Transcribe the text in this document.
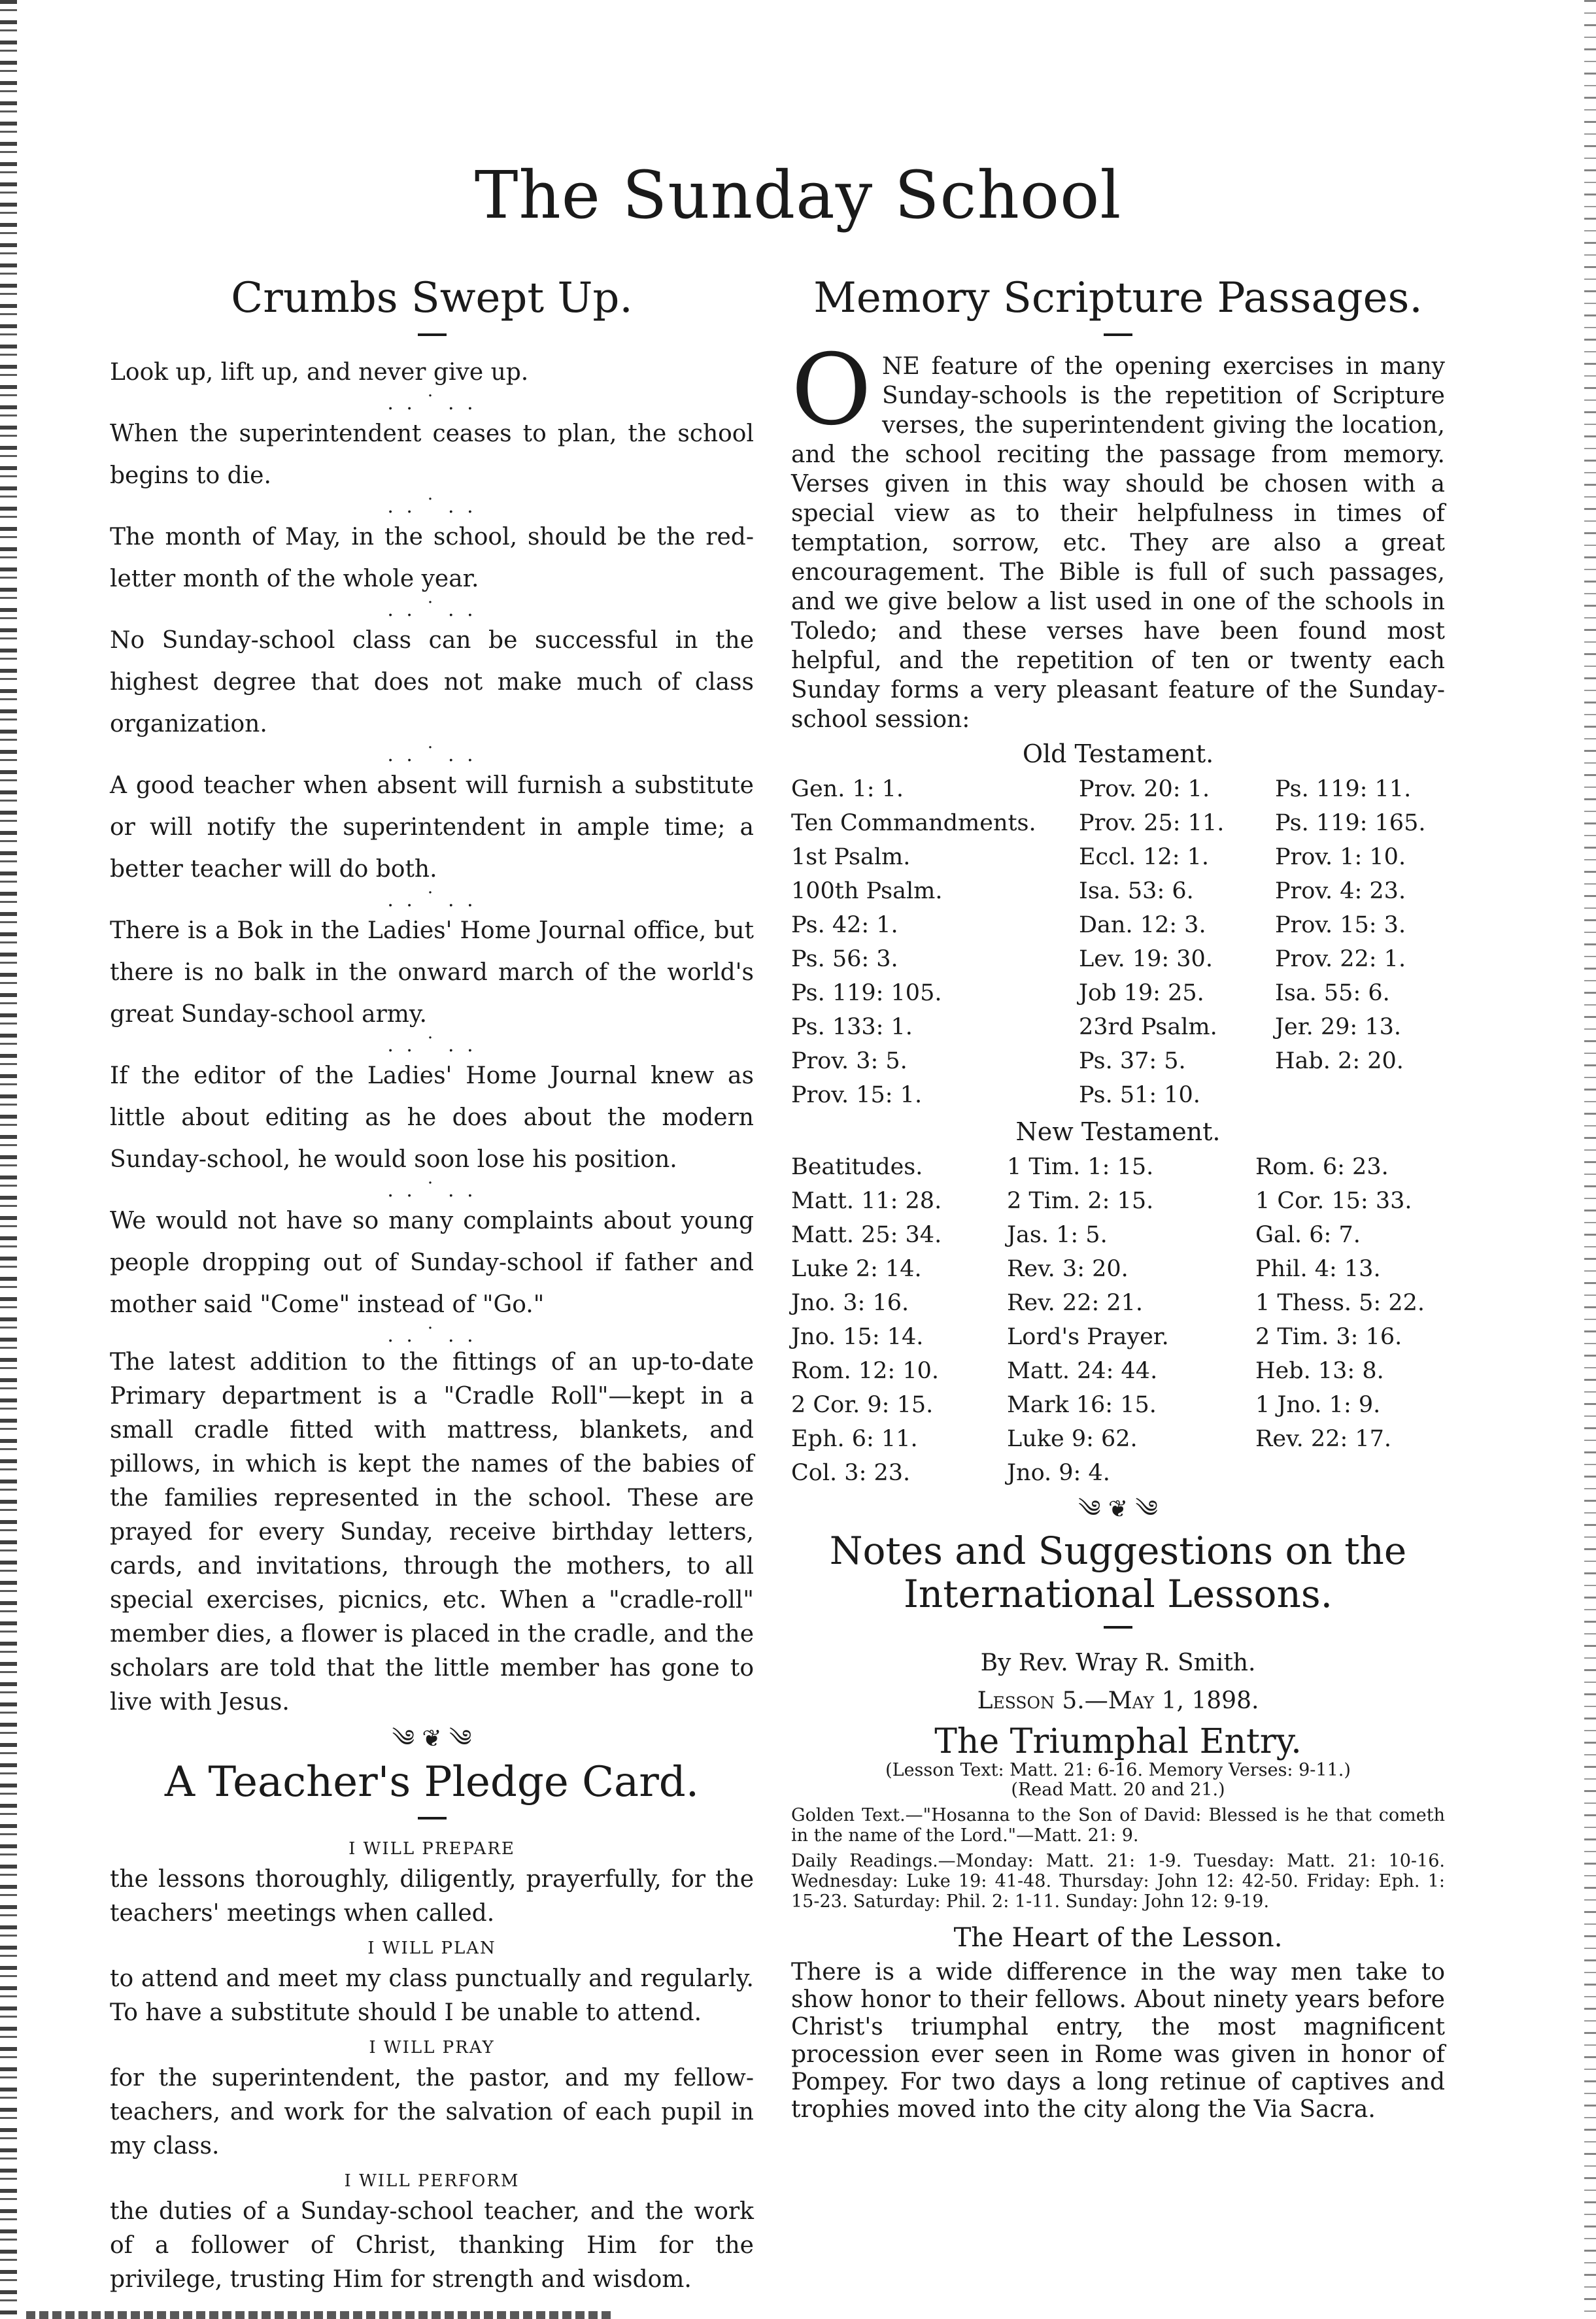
The Sunday School
Crumbs Swept Up.

Look up, lift up, and never give up.

. . ˙ . .

When the superintendent ceases to plan, the school begins to die.

. . ˙ . .

The month of May, in the school, should be the red-letter month of the whole year.

. . ˙ . .

No Sunday-school class can be successful in the highest degree that does not make much of class organization.

. . ˙ . .

A good teacher when absent will furnish a substitute or will notify the superintendent in ample time; a better teacher will do both.

. . ˙ . .

There is a Bok in the Ladies' Home Journal office, but there is no balk in the onward march of the world's great Sunday-school army.

. . ˙ . .

If the editor of the Ladies' Home Journal knew as little about editing as he does about the modern Sunday-school, he would soon lose his position.

. . ˙ . .

We would not have so many complaints about young people dropping out of Sunday-school if father and mother said "Come" instead of "Go."

. . ˙ . .

The latest addition to the fittings of an up-to-date Primary department is a "Cradle Roll"—kept in a small cradle fitted with mattress, blankets, and pillows, in which is kept the names of the babies of the families represented in the school. These are prayed for every Sunday, receive birthday letters, cards, and invitations, through the mothers, to all special exercises, picnics, etc. When a "cradle-roll" member dies, a flower is placed in the cradle, and the scholars are told that the little member has gone to live with Jesus.

༄ ❦ ༄

A Teacher's Pledge Card.

I WILL PREPARE

the lessons thoroughly, diligently, prayerfully, for the teachers' meetings when called.

I WILL PLAN

to attend and meet my class punctually and regularly. To have a substitute should I be unable to attend.

I WILL PRAY

for the superintendent, the pastor, and my fellow-teachers, and work for the salvation of each pupil in my class.

I WILL PERFORM

the duties of a Sunday-school teacher, and the work of a follower of Christ, thanking Him for the privilege, trusting Him for strength and wisdom.

Memory Scripture Passages.

ONE feature of the opening exercises in many Sunday-schools is the repetition of Scripture verses, the superintendent giving the location, and the school reciting the passage from memory. Verses given in this way should be chosen with a special view as to their helpfulness in times of temptation, sorrow, etc. They are also a great encouragement. The Bible is full of such passages, and we give below a list used in one of the schools in Toledo; and these verses have been found most helpful, and the repetition of ten or twenty each Sunday forms a very pleasant feature of the Sunday-school session:

Old Testament.

Gen. 1: 1.	Prov. 20: 1.	Ps. 119: 11.
Ten Commandments.	Prov. 25: 11.	Ps. 119: 165.
1st Psalm.	Eccl. 12: 1.	Prov. 1: 10.
100th Psalm.	Isa. 53: 6.	Prov. 4: 23.
Ps. 42: 1.	Dan. 12: 3.	Prov. 15: 3.
Ps. 56: 3.	Lev. 19: 30.	Prov. 22: 1.
Ps. 119: 105.	Job 19: 25.	Isa. 55: 6.
Ps. 133: 1.	23rd Psalm.	Jer. 29: 13.
Prov. 3: 5.	Ps. 37: 5.	Hab. 2: 20.
Prov. 15: 1.	Ps. 51: 10.

New Testament.

Beatitudes.	1 Tim. 1: 15.	Rom. 6: 23.
Matt. 11: 28.	2 Tim. 2: 15.	1 Cor. 15: 33.
Matt. 25: 34.	Jas. 1: 5.	Gal. 6: 7.
Luke 2: 14.	Rev. 3: 20.	Phil. 4: 13.
Jno. 3: 16.	Rev. 22: 21.	1 Thess. 5: 22.
Jno. 15: 14.	Lord's Prayer.	2 Tim. 3: 16.
Rom. 12: 10.	Matt. 24: 44.	Heb. 13: 8.
2 Cor. 9: 15.	Mark 16: 15.	1 Jno. 1: 9.
Eph. 6: 11.	Luke 9: 62.	Rev. 22: 17.
Col. 3: 23.	Jno. 9: 4.

༄ ❦ ༄

Notes and Suggestions on the International Lessons.

By Rev. Wray R. Smith.

Lesson 5.—May 1, 1898.

The Triumphal Entry.

(Lesson Text: Matt. 21: 6-16. Memory Verses: 9-11.)

(Read Matt. 20 and 21.)

Golden Text.—"Hosanna to the Son of David: Blessed is he that cometh in the name of the Lord."—Matt. 21: 9.

Daily Readings.—Monday: Matt. 21: 1-9. Tuesday: Matt. 21: 10-16. Wednesday: Luke 19: 41-48. Thursday: John 12: 42-50. Friday: Eph. 1: 15-23. Saturday: Phil. 2: 1-11. Sunday: John 12: 9-19.

The Heart of the Lesson.

There is a wide difference in the way men take to show honor to their fellows. About ninety years before Christ's triumphal entry, the most magnificent procession ever seen in Rome was given in honor of Pompey. For two days a long retinue of captives and trophies moved into the city along the Via Sacra.
